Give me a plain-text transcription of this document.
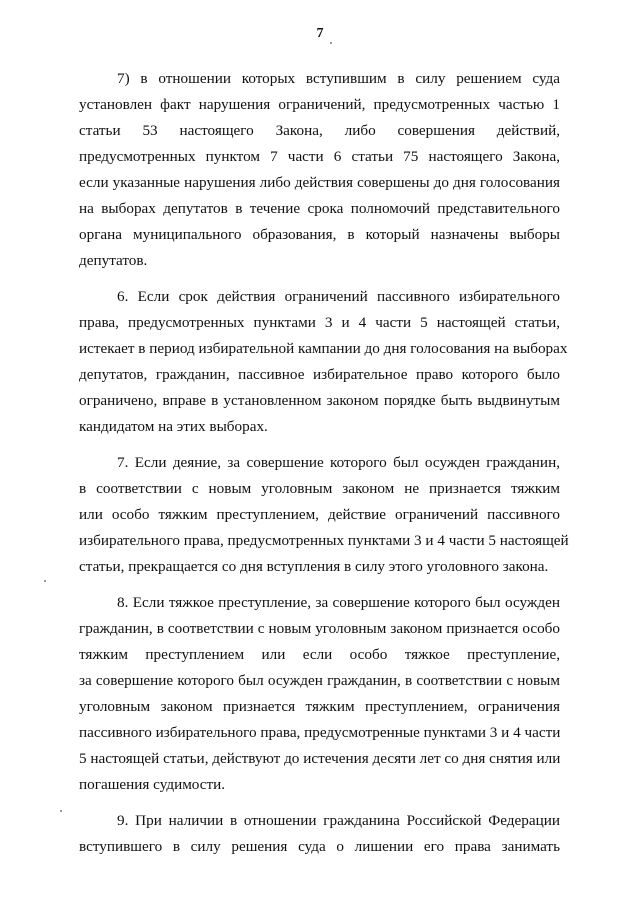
7
7) в отношении которых вступившим в силу решением суда
установлен факт нарушения ограничений, предусмотренных частью 1
статьи 53 настоящего Закона, либо совершения действий,
предусмотренных пунктом 7 части 6 статьи 75 настоящего Закона,
если указанные нарушения либо действия совершены до дня голосования
на выборах депутатов в течение срока полномочий представительного
органа муниципального образования, в который назначены выборы
депутатов.
6. Если срок действия ограничений пассивного избирательного
права, предусмотренных пунктами 3 и 4 части 5 настоящей статьи,
истекает в период избирательной кампании до дня голосования на выборах
депутатов, гражданин, пассивное избирательное право которого было
ограничено, вправе в установленном законом порядке быть выдвинутым
кандидатом на этих выборах.
7. Если деяние, за совершение которого был осужден гражданин,
в соответствии с новым уголовным законом не признается тяжким
или особо тяжким преступлением, действие ограничений пассивного
избирательного права, предусмотренных пунктами 3 и 4 части 5 настоящей
статьи, прекращается со дня вступления в силу этого уголовного закона.
8. Если тяжкое преступление, за совершение которого был осужден
гражданин, в соответствии с новым уголовным законом признается особо
тяжким преступлением или если особо тяжкое преступление,
за совершение которого был осужден гражданин, в соответствии с новым
уголовным законом признается тяжким преступлением, ограничения
пассивного избирательного права, предусмотренные пунктами 3 и 4 части
5 настоящей статьи, действуют до истечения десяти лет со дня снятия или
погашения судимости.
9. При наличии в отношении гражданина Российской Федерации
вступившего в силу решения суда о лишении его права занимать
